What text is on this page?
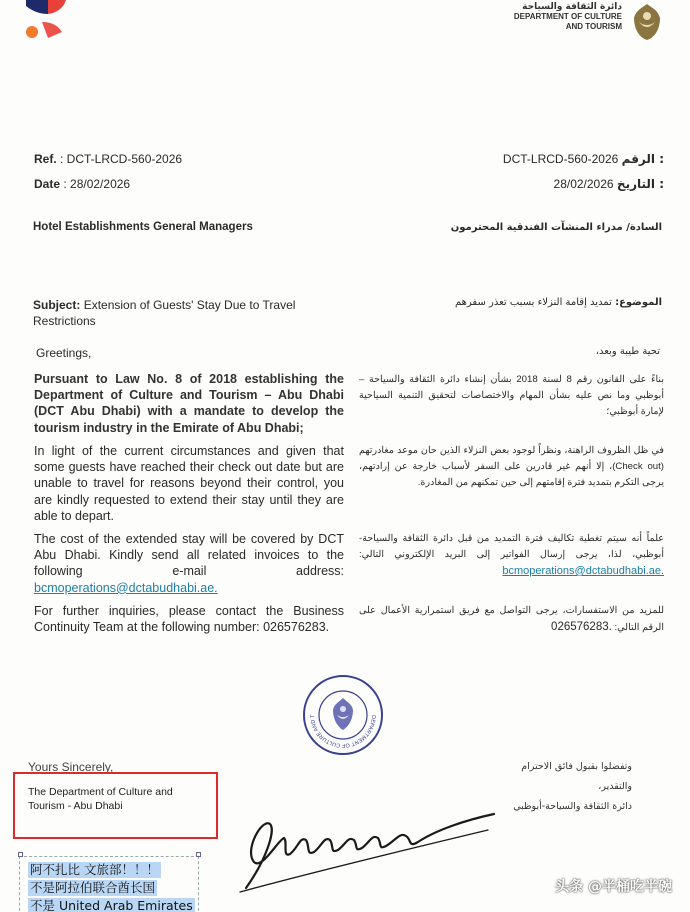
دائرة الثقافة والسياحة
DEPARTMENT OF CULTURE
AND TOURISM
Ref. : DCT-LRCD-560-2026
Date : 28/02/2026
DCT-LRCD-560-2026 الرقم :
28/02/2026 التاريخ :
Hotel Establishments General Managers	السادة/ مدراء المنشآت الفندقية المحترمون
Subject: Extension of Guests' Stay Due to Travel Restrictions
الموضوع: تمديد إقامة النزلاء بسبب تعذر سفرهم
Greetings,	تحية طيبة وبعد،
Pursuant to Law No. 8 of 2018 establishing the Department of Culture and Tourism – Abu Dhabi (DCT Abu Dhabi) with a mandate to develop the tourism industry in the Emirate of Abu Dhabi;
بناءً على القانون رقم 8 لسنة 2018 بشأن إنشاء دائرة الثقافة والسياحة – أبوظبي وما نص عليه بشأن المهام والاختصاصات لتحقيق التنمية السياحية لإمارة أبوظبي؛
In light of the current circumstances and given that some guests have reached their check out date but are unable to travel for reasons beyond their control, you are kindly requested to extend their stay until they are able to depart.
في ظل الظروف الراهنة، ونظراً لوجود بعض النزلاء الذين حان موعد مغادرتهم (Check out)، إلا أنهم غير قادرين على السفر لأسباب خارجة عن إرادتهم، يرجى التكرم بتمديد فترة إقامتهم إلى حين تمكنهم من المغادرة.
The cost of the extended stay will be covered by DCT Abu Dhabi. Kindly send all related invoices to the following e-mail address: bcmoperations@dctabudhabi.ae.
علماً أنه سيتم تغطية تكاليف فترة التمديد من قبل دائرة الثقافة والسياحة- أبوظبي، لذا، يرجى إرسال الفواتير إلى البريد الإلكتروني التالي: bcmoperations@dctabudhabi.ae.
For further inquiries, please contact the Business Continuity Team at the following number: 026576283.
للمزيد من الاستفسارات، يرجى التواصل مع فريق استمرارية الأعمال على الرقم التالي: 026576283.
DEPARTMENT OF CULTURE AND T
Yours Sincerely,	وتفضلوا بقبول فائق الاحترام
والتقدير،
دائرة الثقافة والسياحة-أبوظبي
The Department of Culture and
Tourism - Abu Dhabi
阿不扎比 文旅部！！！
不是阿拉伯联合酋长国
不是 United Arab Emirates
头条 @半桶吃半碗
